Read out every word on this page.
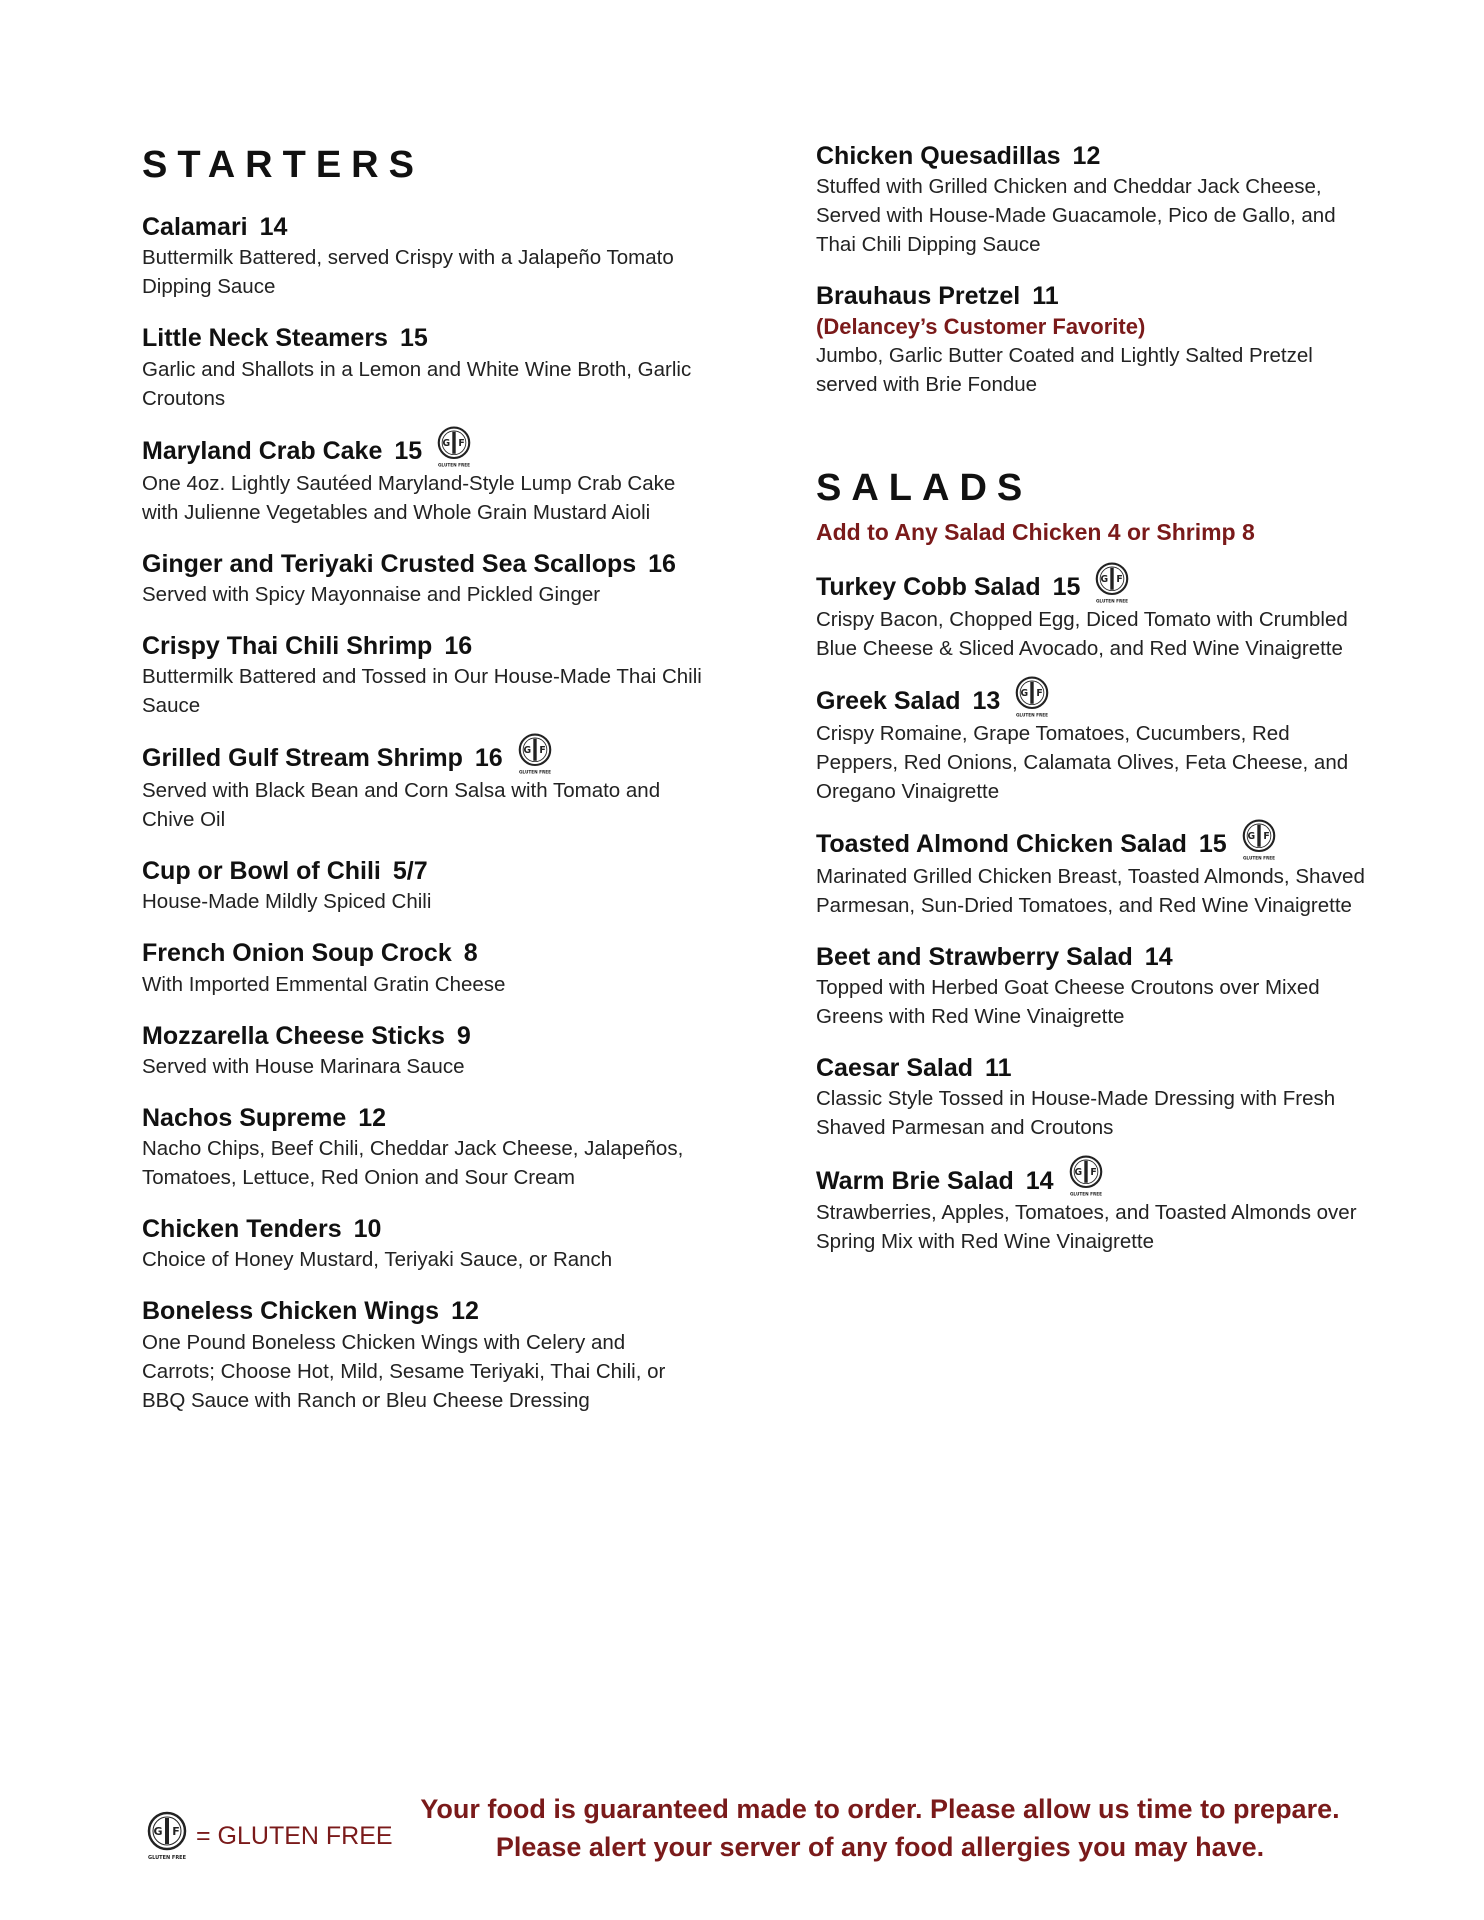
STARTERS
Calamari 14
Buttermilk Battered, served Crispy with a Jalapeño Tomato Dipping Sauce
Little Neck Steamers 15
Garlic and Shallots in a Lemon and White Wine Broth, Garlic Croutons
Maryland Crab Cake 15 G F
GLUTEN FREE
One 4oz. Lightly Sautéed Maryland-Style Lump Crab Cake with Julienne Vegetables and Whole Grain Mustard Aioli
Ginger and Teriyaki Crusted Sea Scallops 16
Served with Spicy Mayonnaise and Pickled Ginger
Crispy Thai Chili Shrimp 16
Buttermilk Battered and Tossed in Our House-Made Thai Chili Sauce
Grilled Gulf Stream Shrimp 16 G F
GLUTEN FREE
Served with Black Bean and Corn Salsa with Tomato and Chive Oil
Cup or Bowl of Chili 5/7
House-Made Mildly Spiced Chili
French Onion Soup Crock 8
With Imported Emmental Gratin Cheese
Mozzarella Cheese Sticks 9
Served with House Marinara Sauce
Nachos Supreme 12
Nacho Chips, Beef Chili, Cheddar Jack Cheese, Jalapeños, Tomatoes, Lettuce, Red Onion and Sour Cream
Chicken Tenders 10
Choice of Honey Mustard, Teriyaki Sauce, or Ranch
Boneless Chicken Wings 12
One Pound Boneless Chicken Wings with Celery and Carrots; Choose Hot, Mild, Sesame Teriyaki, Thai Chili, or BBQ Sauce with Ranch or Bleu Cheese Dressing
Chicken Quesadillas 12
Stuffed with Grilled Chicken and Cheddar Jack Cheese, Served with House-Made Guacamole, Pico de Gallo, and Thai Chili Dipping Sauce
Brauhaus Pretzel 11
(Delancey’s Customer Favorite)
Jumbo, Garlic Butter Coated and Lightly Salted Pretzel served with Brie Fondue
SALADS
Add to Any Salad Chicken 4 or Shrimp 8
Turkey Cobb Salad 15 G F
GLUTEN FREE
Crispy Bacon, Chopped Egg, Diced Tomato with Crumbled Blue Cheese & Sliced Avocado, and Red Wine Vinaigrette
Greek Salad 13 G F
GLUTEN FREE
Crispy Romaine, Grape Tomatoes, Cucumbers, Red Peppers, Red Onions, Calamata Olives, Feta Cheese, and Oregano Vinaigrette
Toasted Almond Chicken Salad 15 G F
GLUTEN FREE
Marinated Grilled Chicken Breast, Toasted Almonds, Shaved Parmesan, Sun-Dried Tomatoes, and Red Wine Vinaigrette
Beet and Strawberry Salad 14
Topped with Herbed Goat Cheese Croutons over Mixed Greens with Red Wine Vinaigrette
Caesar Salad 11
Classic Style Tossed in House-Made Dressing with Fresh Shaved Parmesan and Croutons
Warm Brie Salad 14 G F
GLUTEN FREE
Strawberries, Apples, Tomatoes, and Toasted Almonds over Spring Mix with Red Wine Vinaigrette
G F
GLUTEN FREE
= GLUTEN FREE
Your food is guaranteed made to order. Please allow us time to prepare.
Please alert your server of any food allergies you may have.
